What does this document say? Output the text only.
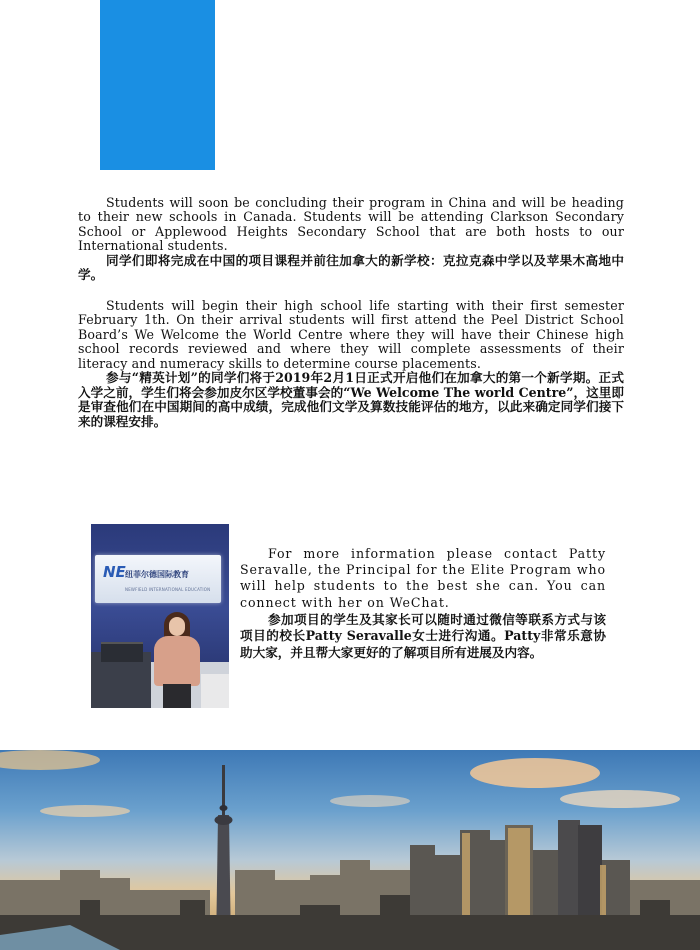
Students will soon be concluding their program in China and will be heading to their new schools in Canada. Students will be attending Clarkson Secondary School or Applewood Heights Secondary School that are both hosts to our International students.

同学们即将完成在中国的项目课程并前往加拿大的新学校：克拉克森中学以及苹果木高地中学。

Students will begin their high school life starting with their first semester February 1th. On their arrival students will first attend the Peel District School Board’s We Welcome the World Centre where they will have their Chinese high school records reviewed and where they will complete assessments of their literacy and numeracy skills to determine course placements.

参与“精英计划”的同学们将于2019年2月1日正式开启他们在加拿大的第一个新学期。正式入学之前，学生们将会参加皮尔区学校董事会的“We Welcome The world Centre”，这里即是审查他们在中国期间的高中成绩，完成他们文学及算数技能评估的地方，以此来确定同学们接下来的课程安排。

NE 纽菲尔德国际教育
NEWFIELD INTERNATIONAL EDUCATION

For more information please contact Patty Seravalle, the Principal for the Elite Program who will help students to the best she can. You can connect with her on WeChat.

参加项目的学生及其家长可以随时通过微信等联系方式与该项目的校长Patty Seravalle女士进行沟通。Patty非常乐意协助大家，并且帮大家更好的了解项目所有进展及内容。
